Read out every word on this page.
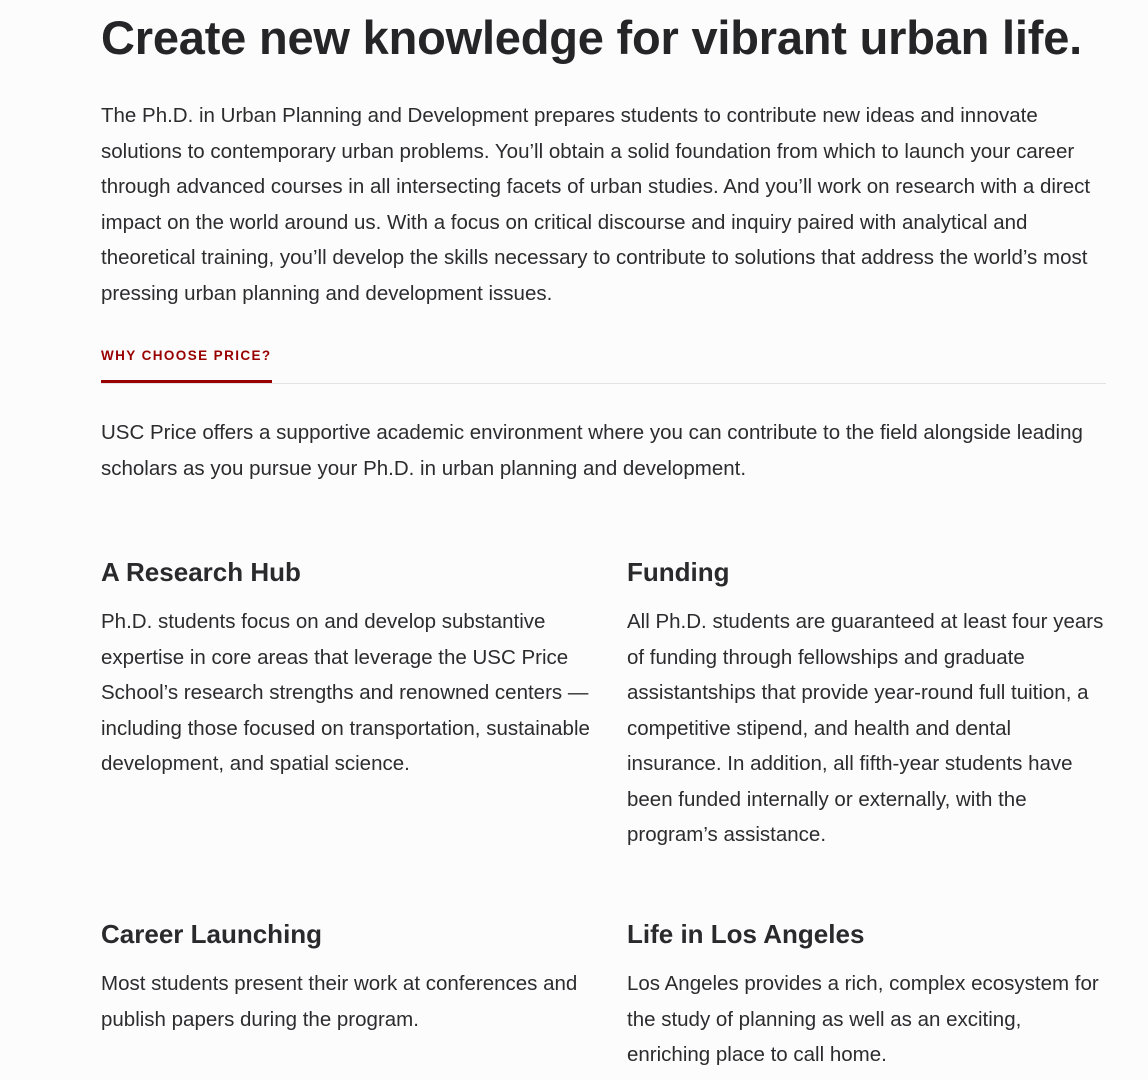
Create new knowledge for vibrant urban life.

The Ph.D. in Urban Planning and Development prepares students to contribute new ideas and innovate solutions to contemporary urban problems. You’ll obtain a solid foundation from which to launch your career through advanced courses in all intersecting facets of urban studies. And you’ll work on research with a direct impact on the world around us. With a focus on critical discourse and inquiry paired with analytical and theoretical training, you’ll develop the skills necessary to contribute to solutions that address the world’s most pressing urban planning and development issues.

WHY CHOOSE PRICE?

USC Price offers a supportive academic environment where you can contribute to the field alongside leading scholars as you pursue your Ph.D. in urban planning and development.

A Research Hub

Ph.D. students focus on and develop substantive expertise in core areas that leverage the USC Price School’s research strengths and renowned centers — including those focused on transportation, sustainable development, and spatial science.

Funding

All Ph.D. students are guaranteed at least four years of funding through fellowships and graduate assistantships that provide year-round full tuition, a competitive stipend, and health and dental insurance. In addition, all fifth-year students have been funded internally or externally, with the program’s assistance.

Career Launching

Most students present their work at conferences and publish papers during the program.

Life in Los Angeles

Los Angeles provides a rich, complex ecosystem for the study of planning as well as an exciting, enriching place to call home.
